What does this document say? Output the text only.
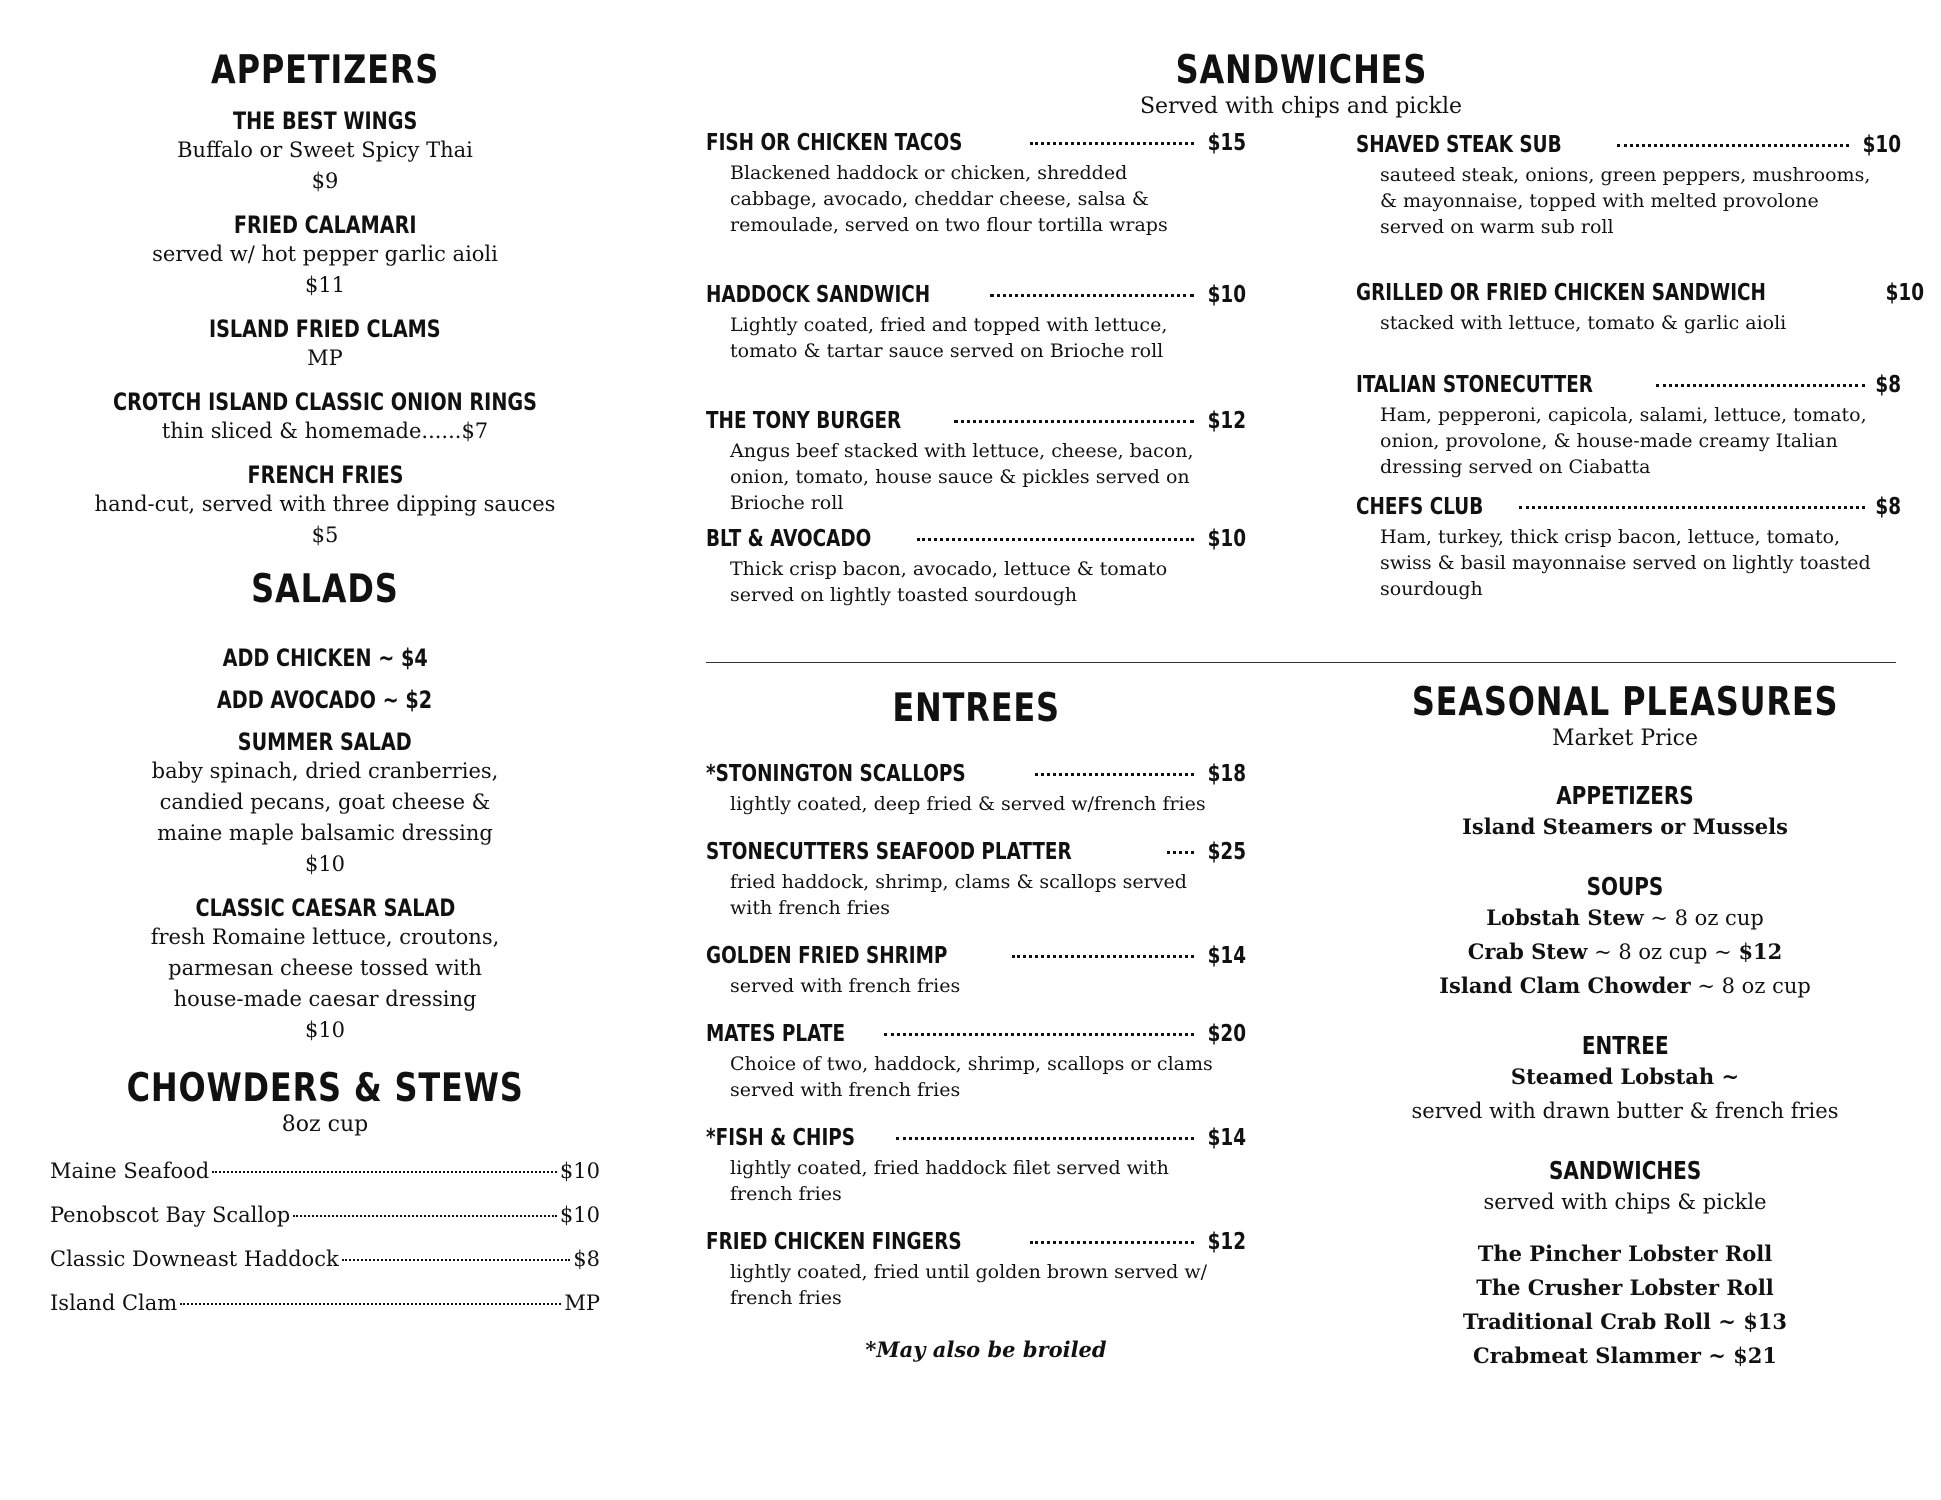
APPETIZERS
THE BEST WINGS
Buffalo or Sweet Spicy Thai
$9
FRIED CALAMARI
served w/ hot pepper garlic aioli
$11
ISLAND FRIED CLAMS
MP
CROTCH ISLAND CLASSIC ONION RINGS
thin sliced & homemade......$7
FRENCH FRIES
hand-cut, served with three dipping sauces
$5
SALADS
ADD CHICKEN ~ $4
ADD AVOCADO ~ $2
SUMMER SALAD
baby spinach, dried cranberries,
candied pecans, goat cheese &
maine maple balsamic dressing
$10
CLASSIC CAESAR SALAD
fresh Romaine lettuce, croutons,
parmesan cheese tossed with
house-made caesar dressing
$10
CHOWDERS & STEWS
8oz cup
Maine Seafood	$10
Penobscot Bay Scallop	$10
Classic Downeast Haddock	$8
Island Clam	MP
SANDWICHES
Served with chips and pickle
FISH OR CHICKEN TACOS	$15
Blackened haddock or chicken, shredded
cabbage, avocado, cheddar cheese, salsa &
remoulade, served on two flour tortilla wraps
HADDOCK SANDWICH	$10
Lightly coated, fried and topped with lettuce,
tomato & tartar sauce served on Brioche roll
THE TONY BURGER	$12
Angus beef stacked with lettuce, cheese, bacon,
onion, tomato, house sauce & pickles served on
Brioche roll
BLT & AVOCADO	$10
Thick crisp bacon, avocado, lettuce & tomato
served on lightly toasted sourdough
SHAVED STEAK SUB	$10
sauteed steak, onions, green peppers, mushrooms,
& mayonnaise, topped with melted provolone
served on warm sub roll
GRILLED OR FRIED CHICKEN SANDWICH	$10
stacked with lettuce, tomato & garlic aioli
ITALIAN STONECUTTER	$8
Ham, pepperoni, capicola, salami, lettuce, tomato,
onion, provolone, & house-made creamy Italian
dressing served on Ciabatta
CHEFS CLUB	$8
Ham, turkey, thick crisp bacon, lettuce, tomato,
swiss & basil mayonnaise served on lightly toasted
sourdough
ENTREES
*STONINGTON SCALLOPS	$18
lightly coated, deep fried & served w/french fries
STONECUTTERS SEAFOOD PLATTER	$25
fried haddock, shrimp, clams & scallops served
with french fries
GOLDEN FRIED SHRIMP	$14
served with french fries
MATES PLATE	$20
Choice of two, haddock, shrimp, scallops or clams
served with french fries
*FISH & CHIPS	$14
lightly coated, fried haddock filet served with
french fries
FRIED CHICKEN FINGERS	$12
lightly coated, fried until golden brown served w/
french fries
*May also be broiled
SEASONAL PLEASURES
Market Price
APPETIZERS
Island Steamers or Mussels
SOUPS
Lobstah Stew ~ 8 oz cup
Crab Stew ~ 8 oz cup ~ $12
Island Clam Chowder ~ 8 oz cup
ENTREE
Steamed Lobstah ~
served with drawn butter & french fries
SANDWICHES
served with chips & pickle
The Pincher Lobster Roll
The Crusher Lobster Roll
Traditional Crab Roll ~ $13
Crabmeat Slammer ~ $21
